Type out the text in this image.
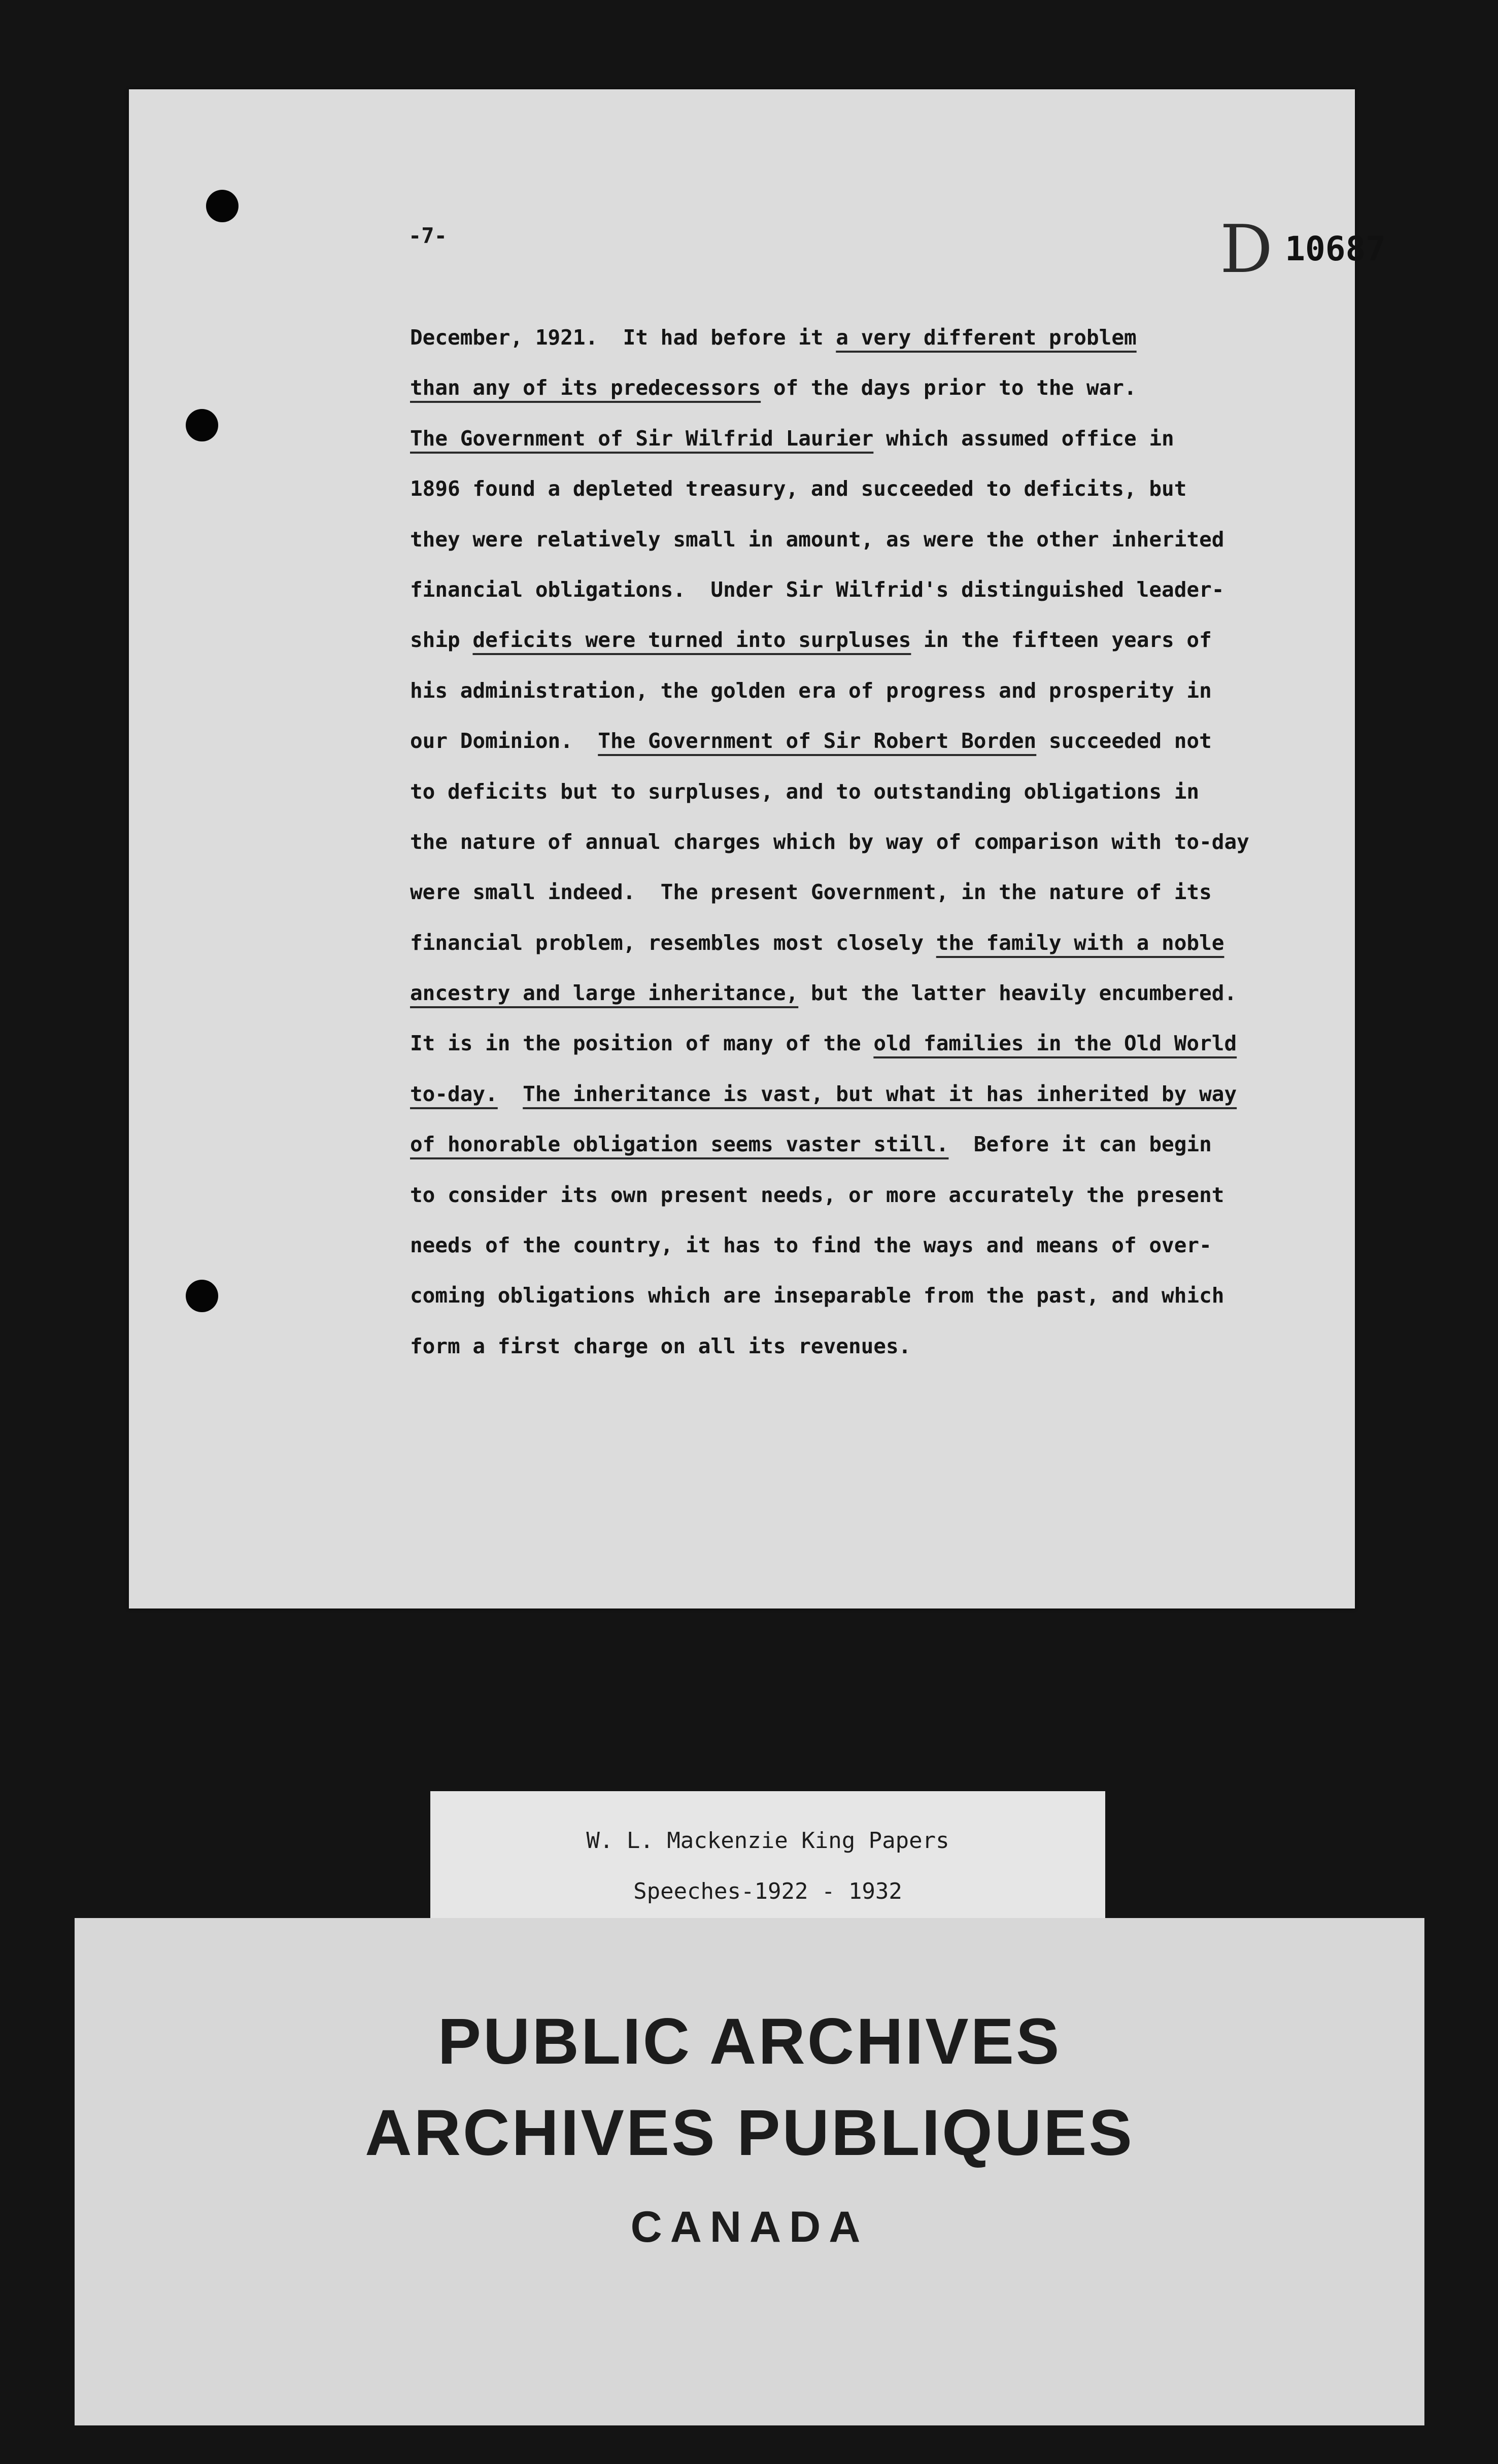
D 10687
-7-
December, 1921.  It had before it a very different problem
than any of its predecessors of the days prior to the war.
The Government of Sir Wilfrid Laurier which assumed office in
1896 found a depleted treasury, and succeeded to deficits, but
they were relatively small in amount, as were the other inherited
financial obligations.  Under Sir Wilfrid's distinguished leader-
ship deficits were turned into surpluses in the fifteen years of
his administration, the golden era of progress and prosperity in
our Dominion.  The Government of Sir Robert Borden succeeded not
to deficits but to surpluses, and to outstanding obligations in
the nature of annual charges which by way of comparison with to-day
were small indeed.  The present Government, in the nature of its
financial problem, resembles most closely the family with a noble
ancestry and large inheritance, but the latter heavily encumbered.
It is in the position of many of the old families in the Old World
to-day. The inheritance is vast, but what it has inherited by way
of honorable obligation seems vaster still.  Before it can begin
to consider its own present needs, or more accurately the present
needs of the country, it has to find the ways and means of over-
coming obligations which are inseparable from the past, and which
form a first charge on all its revenues.
W. L. Mackenzie King Papers
Speeches-1922 - 1932
PUBLIC ARCHIVES
ARCHIVES PUBLIQUES
CANADA
